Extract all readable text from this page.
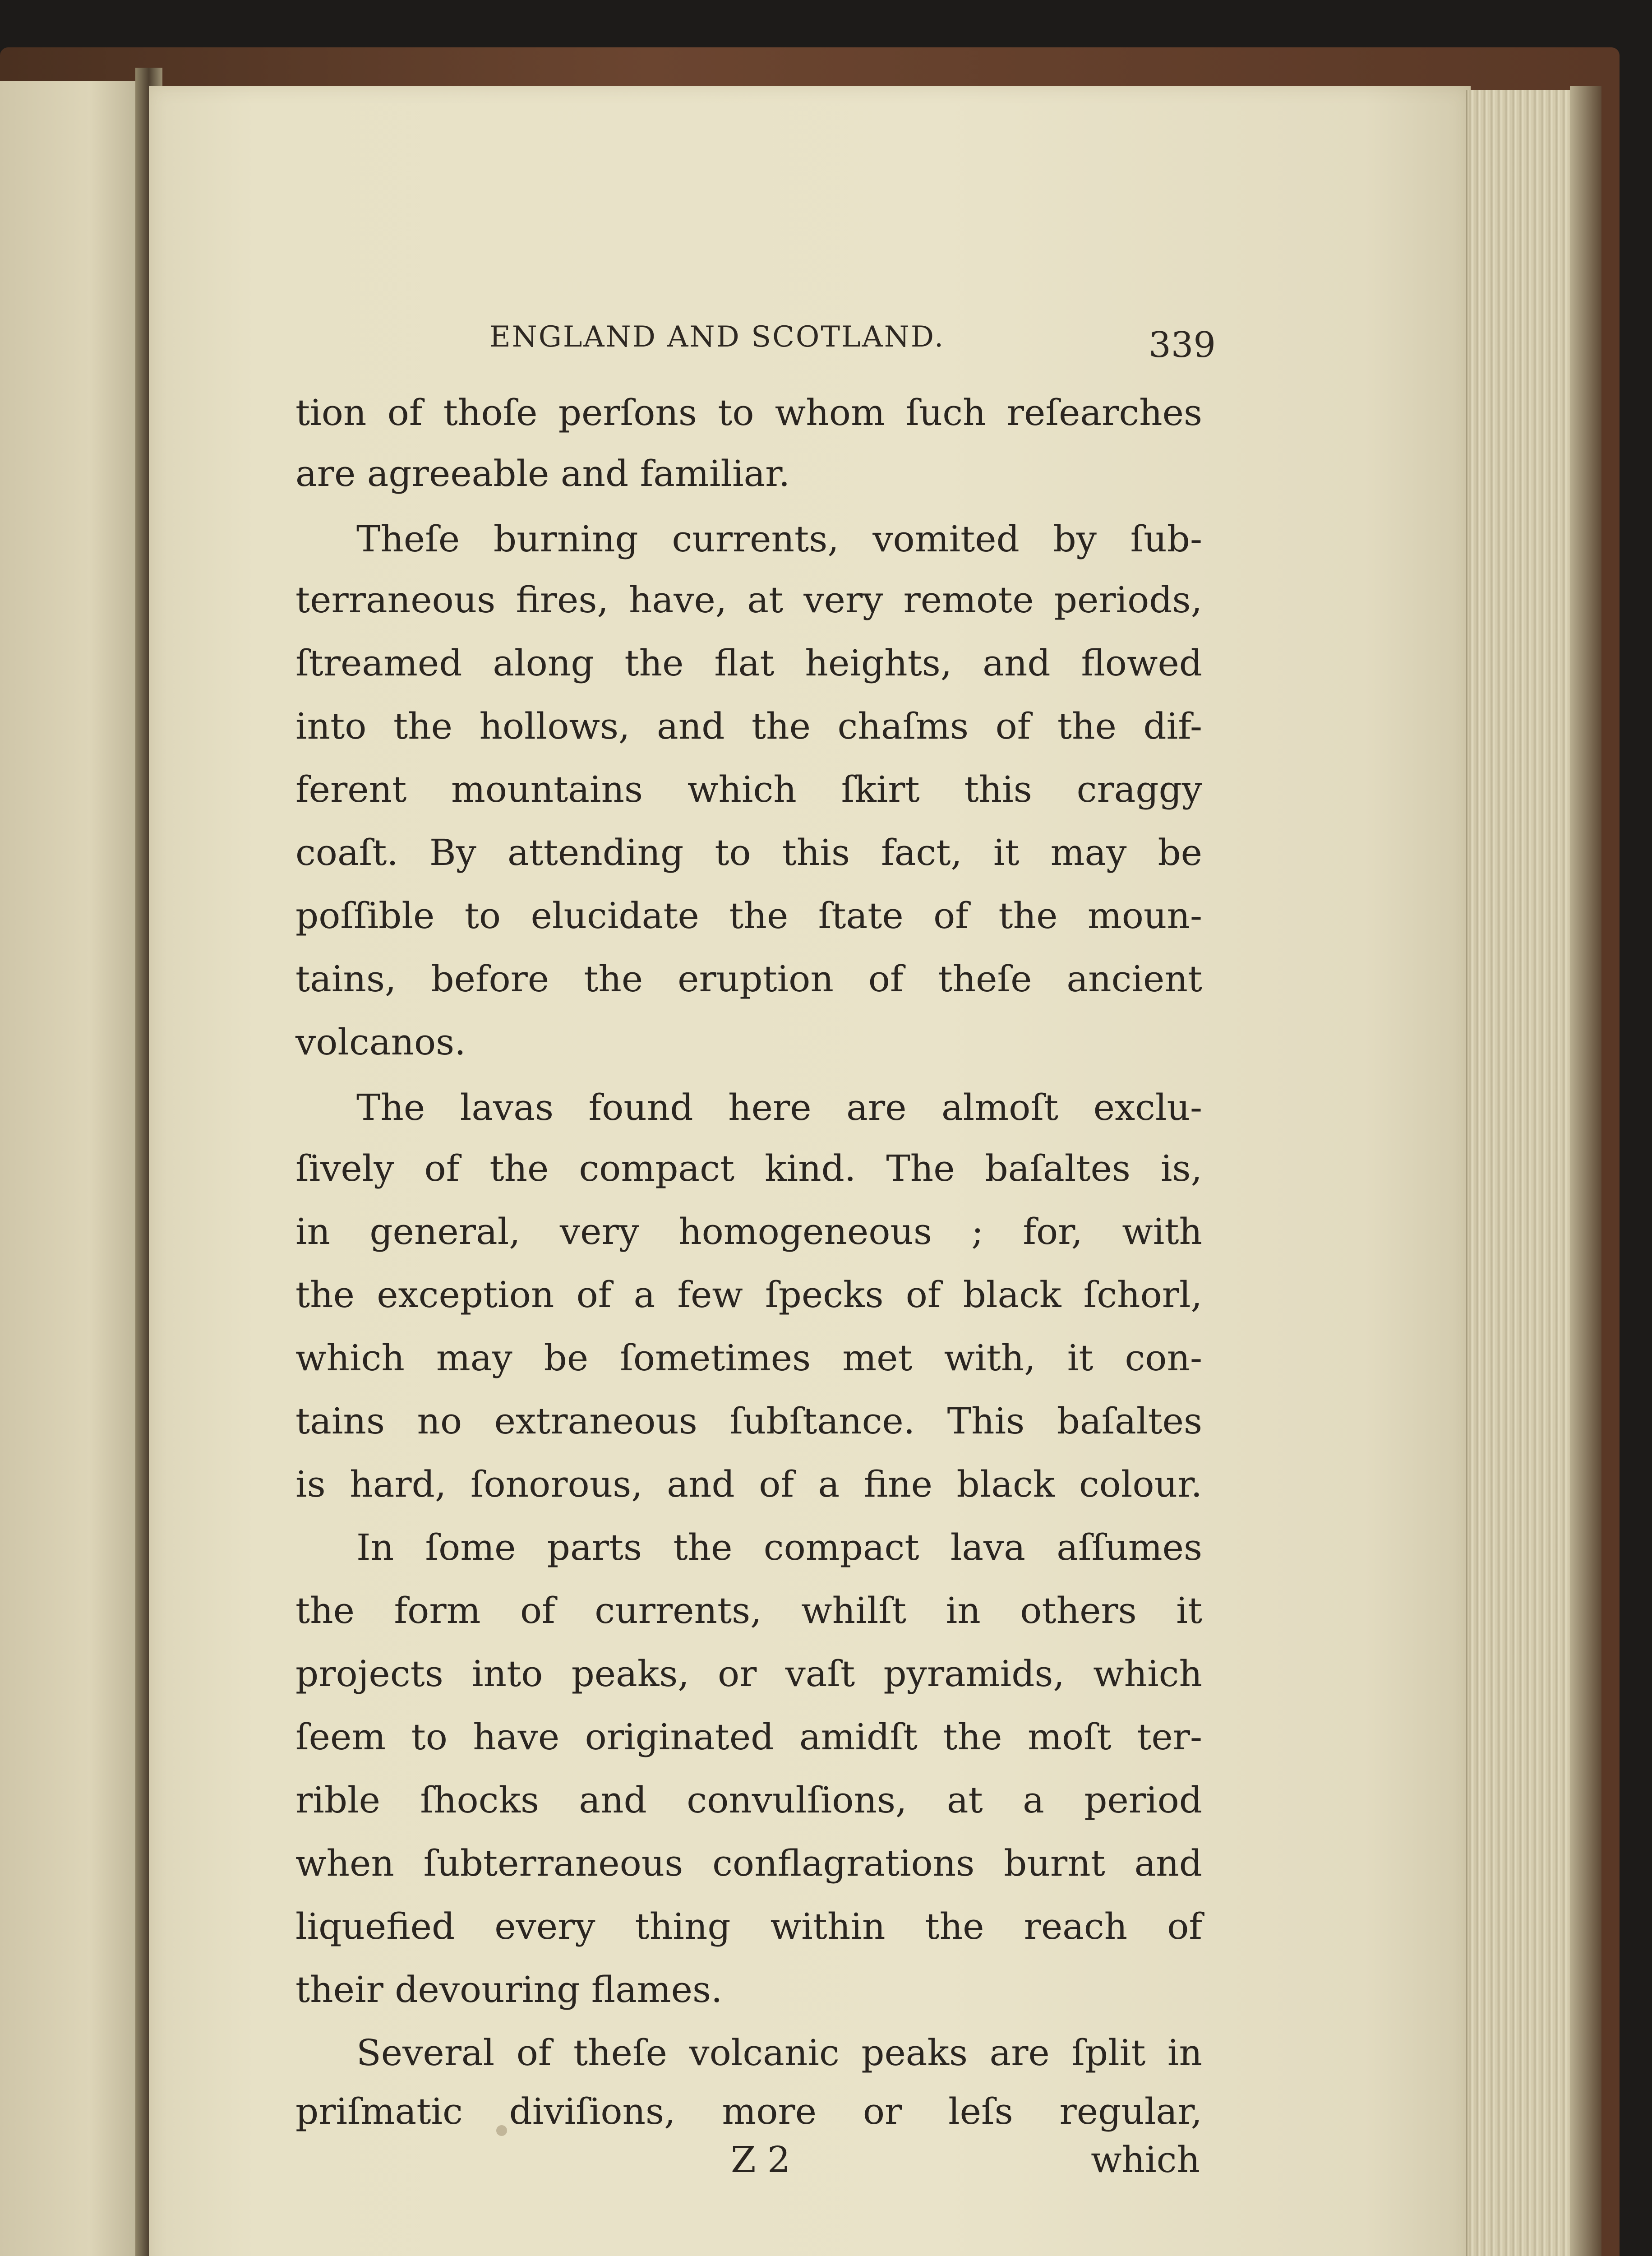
ENGLAND AND SCOTLAND.	339
tion of thoſe perſons to whom ſuch reſearches
are agreeable and familiar.
Theſe burning currents, vomited by ſub-
terraneous fires, have, at very remote periods,
ſtreamed along the flat heights, and flowed
into the hollows, and the chaſms of the dif-
ferent mountains which ſkirt this craggy
coaſt. By attending to this fact, it may be
poſſible to elucidate the ſtate of the moun-
tains, before the eruption of theſe ancient
volcanos.
The lavas found here are almoſt exclu-
ſively of the compact kind. The baſaltes is,
in general, very homogeneous ; for, with
the exception of a few ſpecks of black ſchorl,
which may be ſometimes met with, it con-
tains no extraneous ſubſtance. This baſaltes
is hard, ſonorous, and of a fine black colour.
In ſome parts the compact lava aſſumes
the form of currents, whilſt in others it
projects into peaks, or vaſt pyramids, which
ſeem to have originated amidſt the moſt ter-
rible ſhocks and convulſions, at a period
when ſubterraneous conflagrations burnt and
liquefied every thing within the reach of
their devouring flames.
Several of theſe volcanic peaks are ſplit in
priſmatic diviſions, more or leſs regular,
Z 2	which
